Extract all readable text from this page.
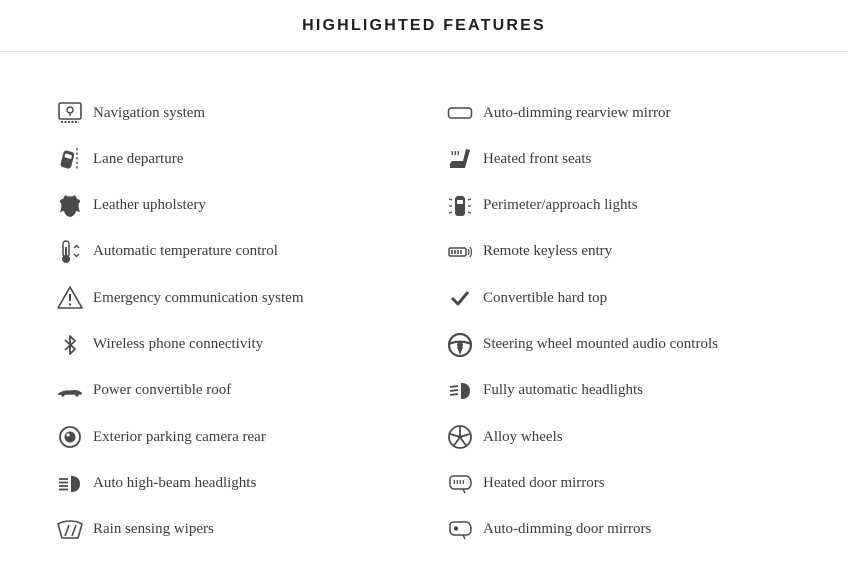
HIGHLIGHTED FEATURES
Navigation system
Lane departure
Leather upholstery
Automatic temperature control
Emergency communication system
Wireless phone connectivity
Power convertible roof
Exterior parking camera rear
Auto high-beam headlights
Rain sensing wipers
Auto-dimming rearview mirror
Heated front seats
Perimeter/approach lights
Remote keyless entry
Convertible hard top
Steering wheel mounted audio controls
Fully automatic headlights
Alloy wheels
Heated door mirrors
Auto-dimming door mirrors
